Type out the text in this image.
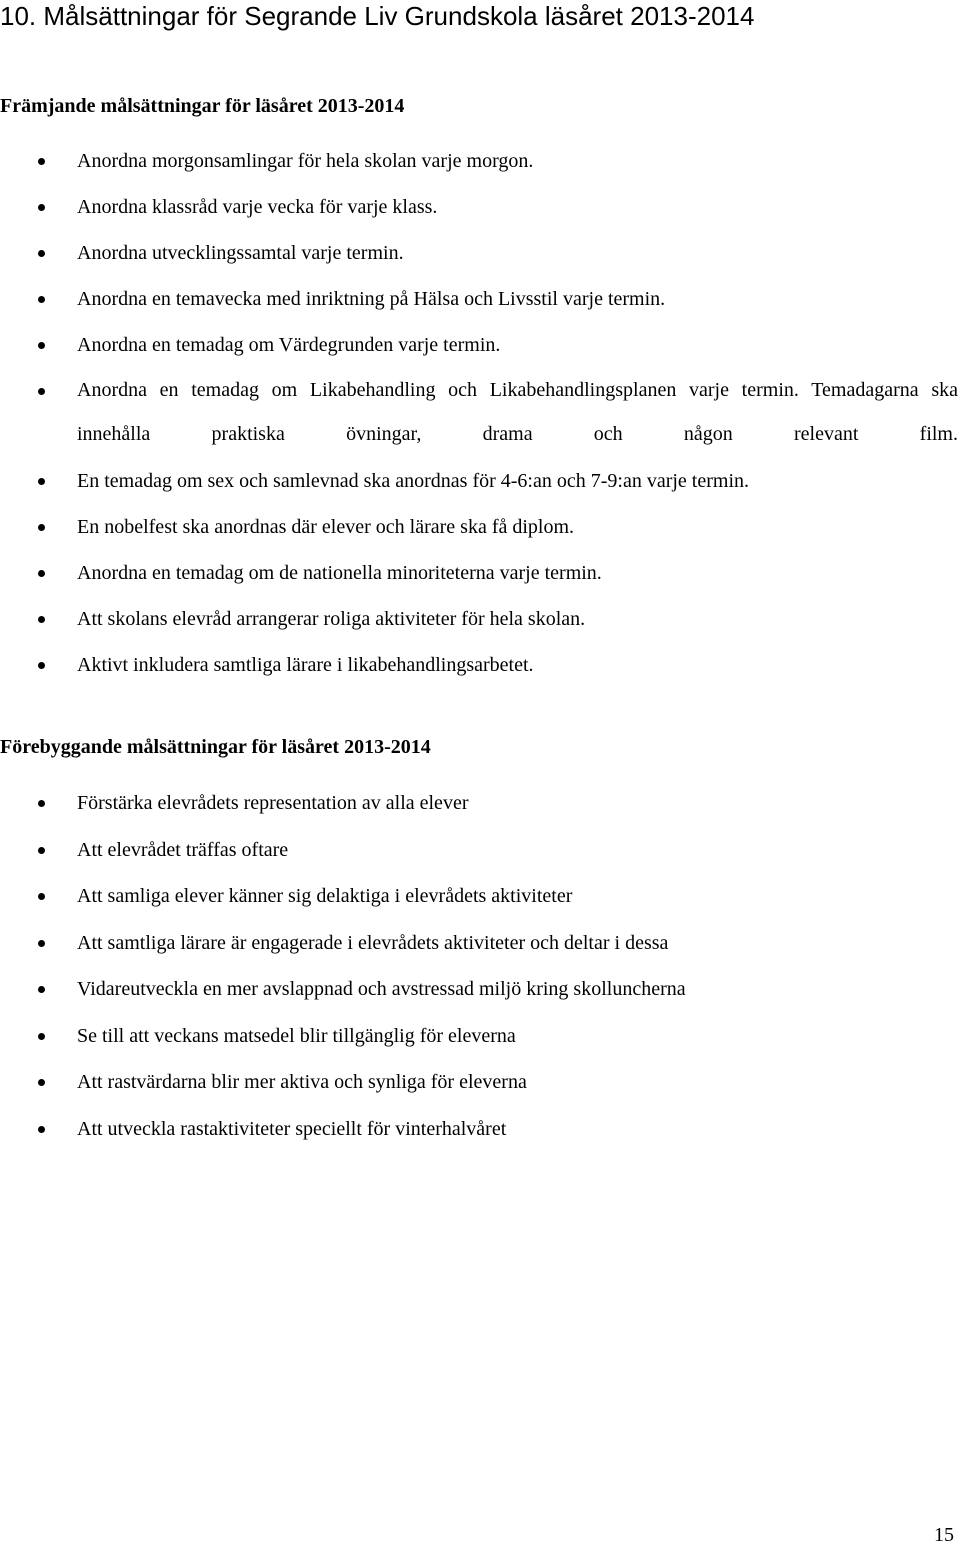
10. Målsättningar för Segrande Liv Grundskola läsåret 2013-2014
Främjande målsättningar för läsåret 2013-2014
Anordna morgonsamlingar för hela skolan varje morgon.
Anordna klassråd varje vecka för varje klass.
Anordna utvecklingssamtal varje termin.
Anordna en temavecka med inriktning på Hälsa och Livsstil varje termin.
Anordna en temadag om Värdegrunden varje termin.
Anordna en temadag om Likabehandling och Likabehandlingsplanen varje termin. Temadagarna ska innehålla praktiska övningar, drama och någon relevant film.
En temadag om sex och samlevnad ska anordnas för 4-6:an och 7-9:an varje termin.
En nobelfest ska anordnas där elever och lärare ska få diplom.
Anordna en temadag om de nationella minoriteterna varje termin.
Att skolans elevråd arrangerar roliga aktiviteter för hela skolan.
Aktivt inkludera samtliga lärare i likabehandlingsarbetet.
Förebyggande målsättningar för läsåret 2013-2014
Förstärka elevrådets representation av alla elever
Att elevrådet träffas oftare
Att samliga elever känner sig delaktiga i elevrådets aktiviteter
Att samtliga lärare är engagerade i elevrådets aktiviteter och deltar i dessa
Vidareutveckla en mer avslappnad och avstressad miljö kring skolluncherna
Se till att veckans matsedel blir tillgänglig för eleverna
Att rastvärdarna blir mer aktiva och synliga för eleverna
Att utveckla rastaktiviteter speciellt för vinterhalvåret
15
